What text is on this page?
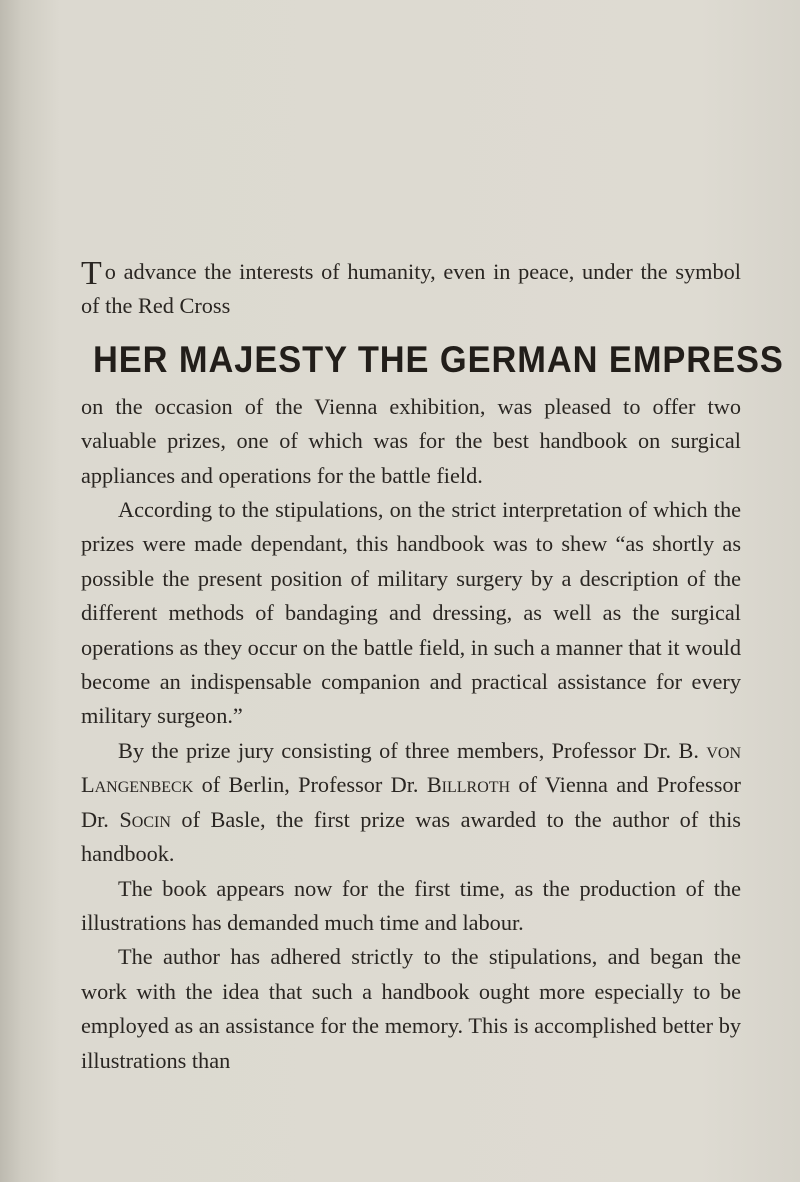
To advance the interests of humanity, even in peace, under the symbol of the Red Cross

HER MAJESTY THE GERMAN EMPRESS

on the occasion of the Vienna exhibition, was pleased to offer two valuable prizes, one of which was for the best handbook on surgical appliances and operations for the battle field.

According to the stipulations, on the strict interpretation of which the prizes were made dependant, this handbook was to shew “as shortly as possible the present position of military surgery by a description of the different methods of bandaging and dressing, as well as the surgical operations as they occur on the battle field, in such a manner that it would become an indispensable companion and practical assistance for every military surgeon.”

By the prize jury consisting of three members, Professor Dr. B. von Langenbeck of Berlin, Professor Dr. Billroth of Vienna and Professor Dr. Socin of Basle, the first prize was awarded to the author of this handbook.

The book appears now for the first time, as the production of the illustrations has demanded much time and labour.

The author has adhered strictly to the stipulations, and began the work with the idea that such a handbook ought more especially to be employed as an assistance for the memory. This is accomplished better by illustrations than
